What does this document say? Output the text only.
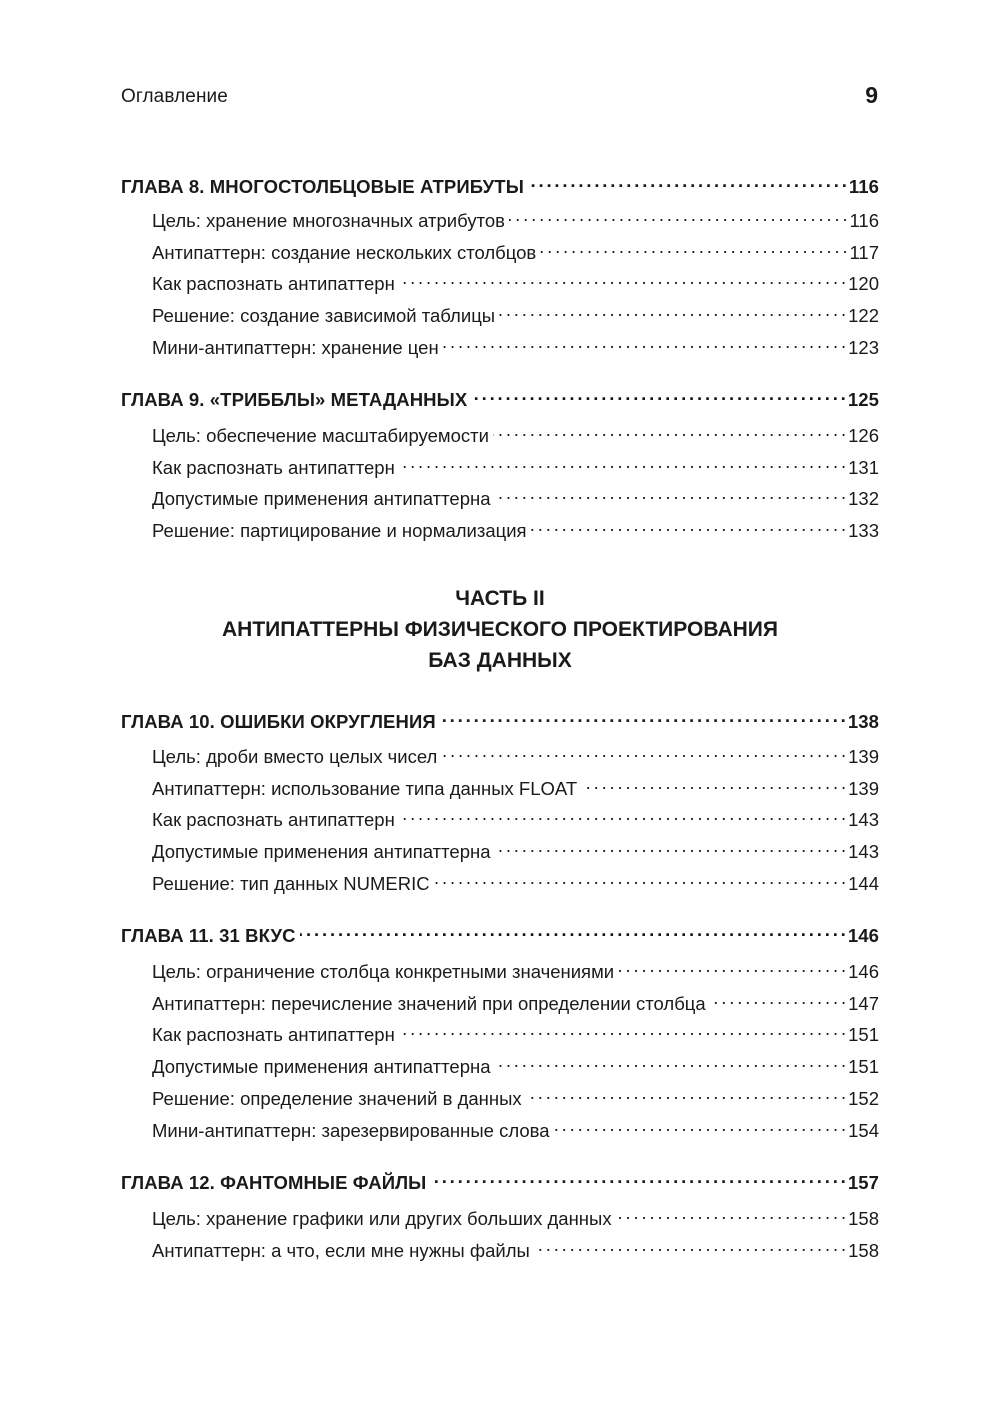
Оглавление	9
ЧАСТЬ II
АНТИПАТТЕРНЫ ФИЗИЧЕСКОГО ПРОЕКТИРОВАНИЯ
БАЗ ДАННЫХ
ГЛАВА 8. МНОГОСТОЛБЦОВЫЕ АТРИБУТЫ . . .	116
Цель: хранение многозначных атрибутов . . .	116
Антипаттерн: создание нескольких столбцов . . .	117
Как распознать антипаттерн . . .	120
Решение: создание зависимой таблицы . . .	122
Мини-антипаттерн: хранение цен . . .	123
ГЛАВА 9. «ТРИББЛЫ» МЕТАДАННЫХ . . .	125
Цель: обеспечение масштабируемости . . .	126
Как распознать антипаттерн . . .	131
Допустимые применения антипаттерна . . .	132
Решение: партицирование и нормализация . . .	133
ГЛАВА 10. ОШИБКИ ОКРУГЛЕНИЯ . . .	138
Цель: дроби вместо целых чисел . . .	139
Антипаттерн: использование типа данных FLOAT . . .	139
Как распознать антипаттерн . . .	143
Допустимые применения антипаттерна . . .	143
Решение: тип данных NUMERIC . . .	144
ГЛАВА 11. 31 ВКУС . . .	146
Цель: ограничение столбца конкретными значениями . . .	146
Антипаттерн: перечисление значений при определении столбца . . .	147
Как распознать антипаттерн . . .	151
Допустимые применения антипаттерна . . .	151
Решение: определение значений в данных . . .	152
Мини-антипаттерн: зарезервированные слова . . .	154
ГЛАВА 12. ФАНТОМНЫЕ ФАЙЛЫ . . .	157
Цель: хранение графики или других больших данных . . .	158
Антипаттерн: а что, если мне нужны файлы . . .	158
